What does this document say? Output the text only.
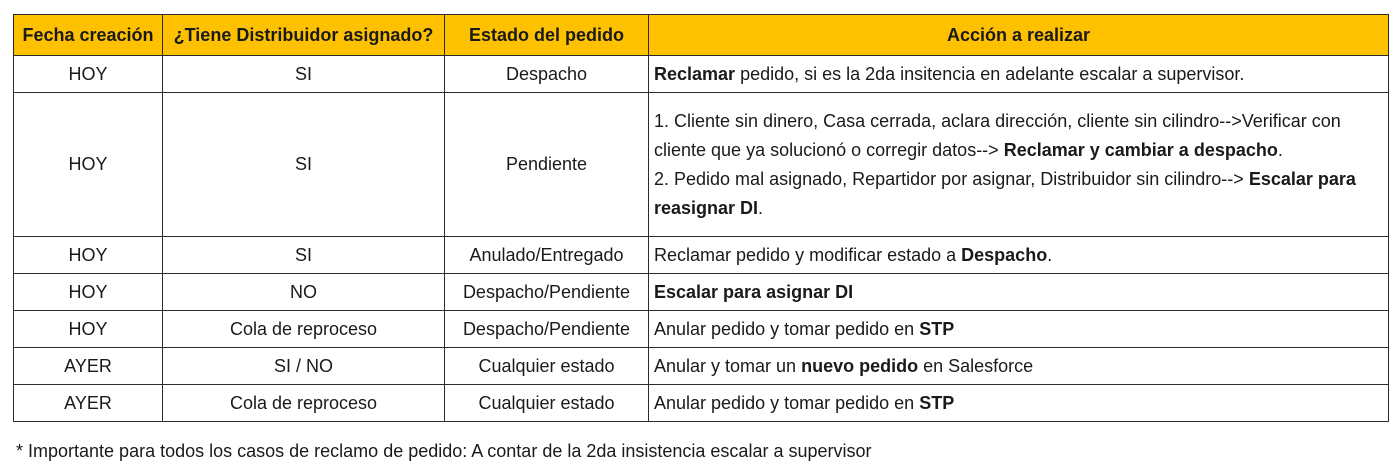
Fecha creación	¿Tiene Distribuidor asignado?	Estado del pedido	Acción a realizar
HOY	SI	Despacho	Reclamar pedido, si es la 2da insitencia en adelante escalar a supervisor.
HOY	SI	Pendiente	1. Cliente sin dinero, Casa cerrada, aclara dirección, cliente sin cilindro-->Verificar con cliente que ya solucionó o corregir datos--> Reclamar y cambiar a despacho.
2. Pedido mal asignado, Repartidor por asignar, Distribuidor sin cilindro--> Escalar para reasignar DI.
HOY	SI	Anulado/Entregado	Reclamar pedido y modificar estado a Despacho.
HOY	NO	Despacho/Pendiente	Escalar para asignar DI
HOY	Cola de reproceso	Despacho/Pendiente	Anular pedido y tomar pedido en STP
AYER	SI / NO	Cualquier estado	Anular y tomar un nuevo pedido en Salesforce
AYER	Cola de reproceso	Cualquier estado	Anular pedido y tomar pedido en STP
* Importante para todos los casos de reclamo de pedido: A contar de la 2da insistencia escalar a supervisor
